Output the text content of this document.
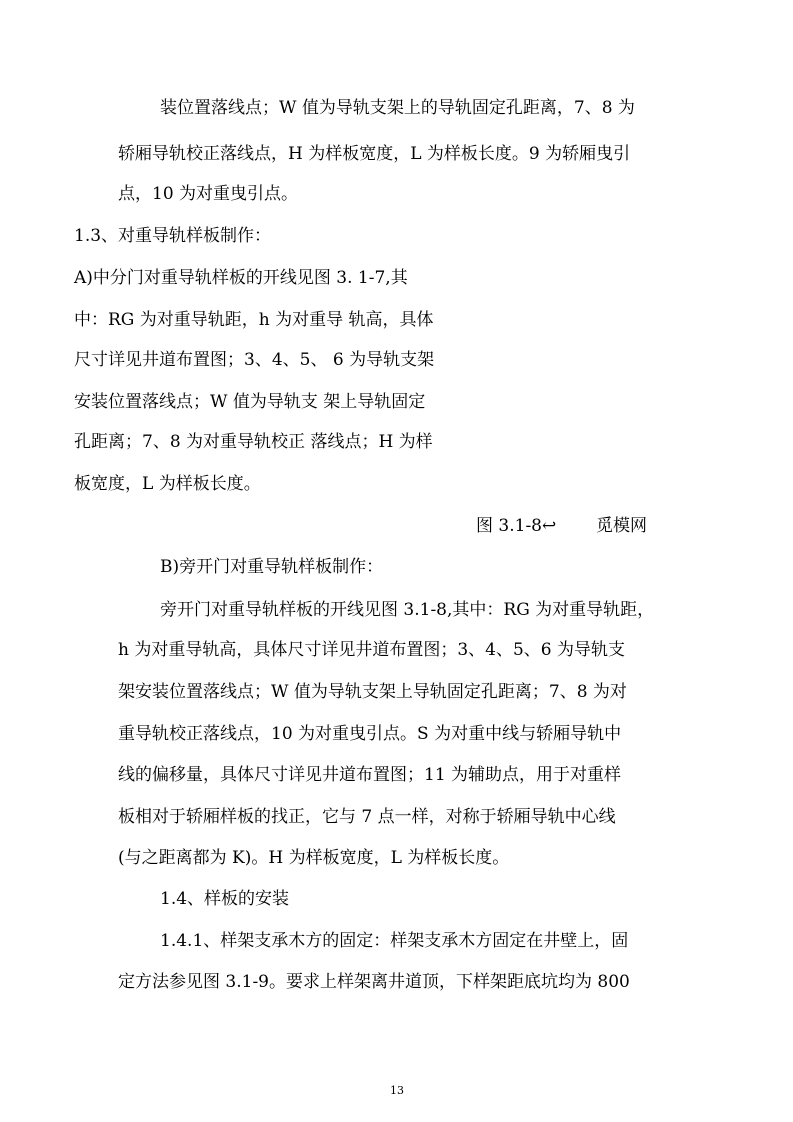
装位置落线点；W 值为导轨支架上的导轨固定孔距离，7、8 为
轿厢导轨校正落线点，H 为样板宽度，L 为样板长度。9 为轿厢曳引
点，10 为对重曳引点。
1.3、对重导轨样板制作：
A)中分门对重导轨样板的开线见图 3. 1-7,其
中：RG 为对重导轨距，h 为对重导 轨高，具体
尺寸详见井道布置图；3、4、5、 6 为导轨支架
安装位置落线点；W 值为导轨支 架上导轨固定
孔距离；7、8 为对重导轨校正 落线点；H 为样
板宽度，L 为样板长度。
图 3.1-8↩ 觅模网
B)旁开门对重导轨样板制作：
旁开门对重导轨样板的开线见图 3.1-8,其中：RG 为对重导轨距，
h 为对重导轨高，具体尺寸详见井道布置图；3、4、5、6 为导轨支
架安装位置落线点；W 值为导轨支架上导轨固定孔距离；7、8 为对
重导轨校正落线点，10 为对重曳引点。S 为对重中线与轿厢导轨中
线的偏移量，具体尺寸详见井道布置图；11 为辅助点，用于对重样
板相对于轿厢样板的找正，它与 7 点一样，对称于轿厢导轨中心线
(与之距离都为 K)。H 为样板宽度，L 为样板长度。
1.4、样板的安装
1.4.1、样架支承木方的固定：样架支承木方固定在井壁上，固
定方法参见图 3.1-9。要求上样架离井道顶，下样架距底坑均为 800
13
